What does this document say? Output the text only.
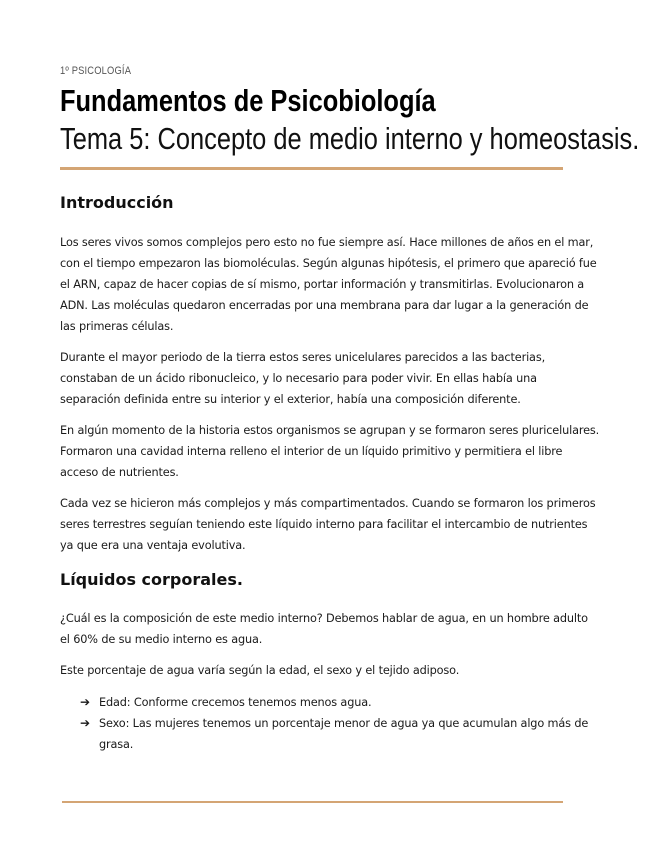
1º PSICOLOGÍA
Fundamentos de Psicobiología
Tema 5: Concepto de medio interno y homeostasis.
Introducción

Los seres vivos somos complejos pero esto no fue siempre así. Hace millones de años en el mar, con el tiempo empezaron las biomoléculas. Según algunas hipótesis, el primero que apareció fue el ARN, capaz de hacer copias de sí mismo, portar información y transmitirlas. Evolucionaron a ADN. Las moléculas quedaron encerradas por una membrana para dar lugar a la generación de las primeras células.

Durante el mayor periodo de la tierra estos seres unicelulares parecidos a las bacterias, constaban de un ácido ribonucleico, y lo necesario para poder vivir. En ellas había una separación definida entre su interior y el exterior, había una composición diferente.

En algún momento de la historia estos organismos se agrupan y se formaron seres pluricelulares. Formaron una cavidad interna relleno el interior de un líquido primitivo y permitiera el libre acceso de nutrientes.

Cada vez se hicieron más complejos y más compartimentados. Cuando se formaron los primeros seres terrestres seguían teniendo este líquido interno para facilitar el intercambio de nutrientes ya que era una ventaja evolutiva.

Líquidos corporales.

¿Cuál es la composición de este medio interno? Debemos hablar de agua, en un hombre adulto el 60% de su medio interno es agua.

Este porcentaje de agua varía según la edad, el sexo y el tejido adiposo.

➔ Edad: Conforme crecemos tenemos menos agua.
➔ Sexo: Las mujeres tenemos un porcentaje menor de agua ya que acumulan algo más de grasa.
